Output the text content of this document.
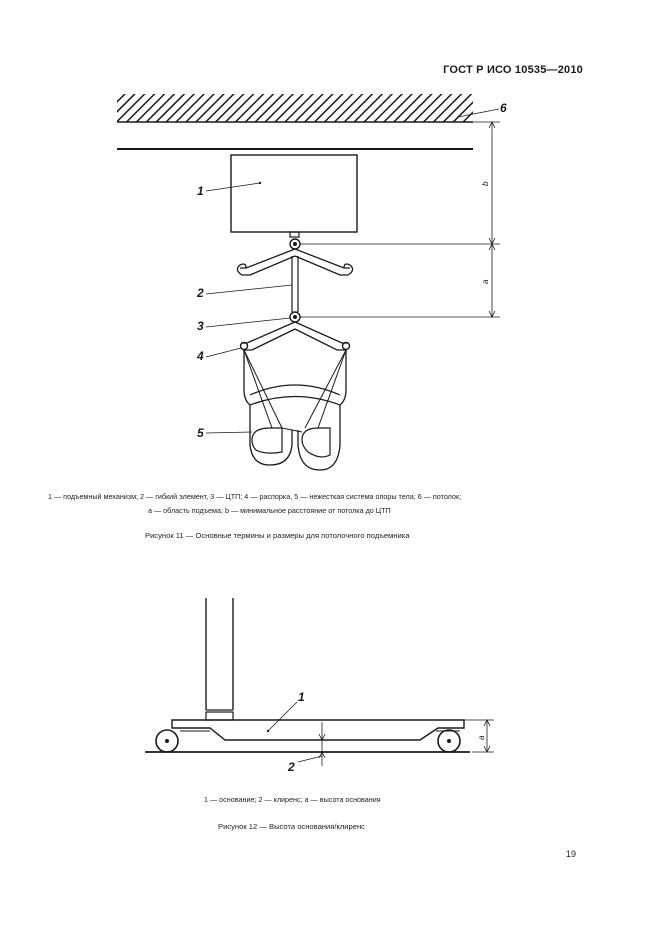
ГОСТ Р ИСО 10535—2010
b
a
6
1
2
3
4
5
1 — подъемный механизм; 2 — гибкий элемент, 3 — ЦТП; 4 — распорка, 5 — нежесткая система опоры тела; 6 — потолок;
a — область подъема; b — минимальное расстояние от потолка до ЦТП
Рисунок 11 — Основные термины и размеры для потолочного подъемника
a
1
2
1 — основание; 2 — клиренс; a — высота основания
Рисунок 12 — Высота основания/клиренс
19
